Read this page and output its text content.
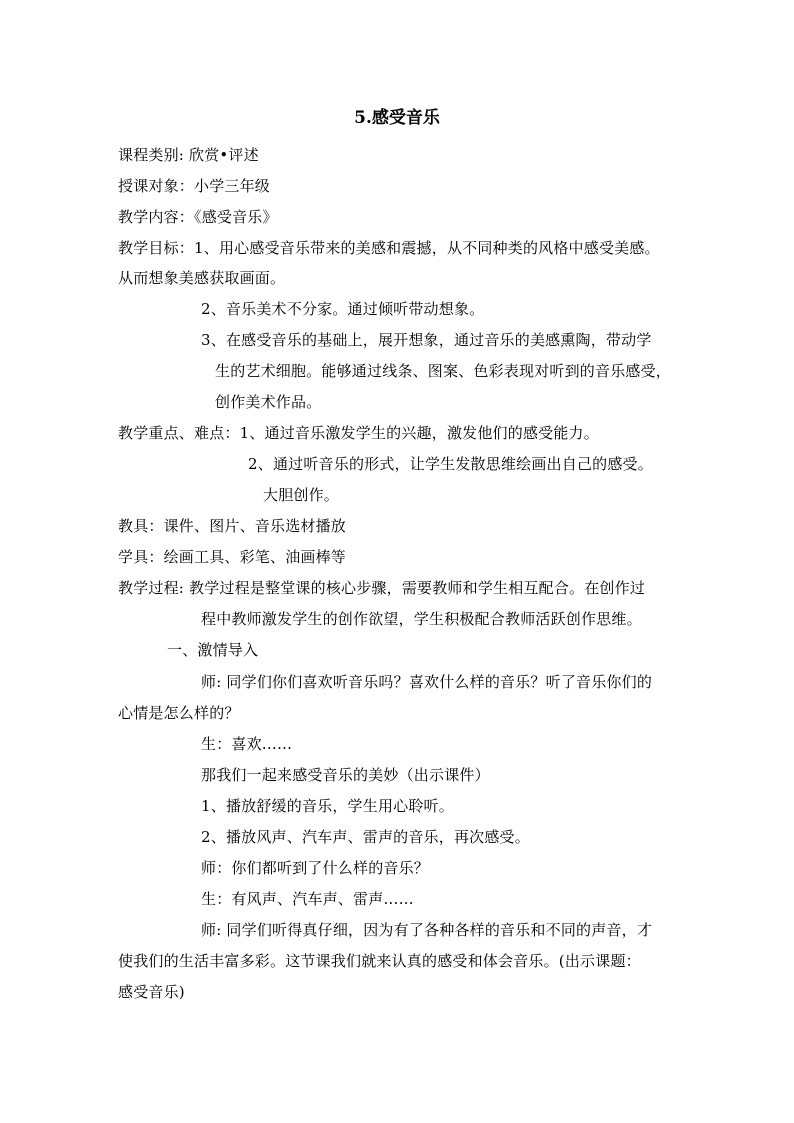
5.感受音乐
课程类别: 欣赏•评述
授课对象：小学三年级
教学内容：《感受音乐》
教学目标：1、用心感受音乐带来的美感和震撼，从不同种类的风格中感受美感。
从而想象美感获取画面。
2、音乐美术不分家。通过倾听带动想象。
3、在感受音乐的基础上，展开想象，通过音乐的美感熏陶，带动学
生的艺术细胞。能够通过线条、图案、色彩表现对听到的音乐感受，
创作美术作品。
教学重点、难点：1、通过音乐激发学生的兴趣，激发他们的感受能力。
2、通过听音乐的形式，让学生发散思维绘画出自己的感受。
大胆创作。
教具：课件、图片、音乐选材播放
学具：绘画工具、彩笔、油画棒等
教学过程: 教学过程是整堂课的核心步骤，需要教师和学生相互配合。在创作过
程中教师激发学生的创作欲望，学生积极配合教师活跃创作思维。
一、激情导入
师: 同学们你们喜欢听音乐吗？喜欢什么样的音乐？听了音乐你们的
心情是怎么样的？
生：喜欢……
那我们一起来感受音乐的美妙（出示课件）
1、播放舒缓的音乐，学生用心聆听。
2、播放风声、汽车声、雷声的音乐，再次感受。
师：你们都听到了什么样的音乐？
生：有风声、汽车声、雷声……
师: 同学们听得真仔细，因为有了各种各样的音乐和不同的声音，才
使我们的生活丰富多彩。这节课我们就来认真的感受和体会音乐。(出示课题：
感受音乐)
